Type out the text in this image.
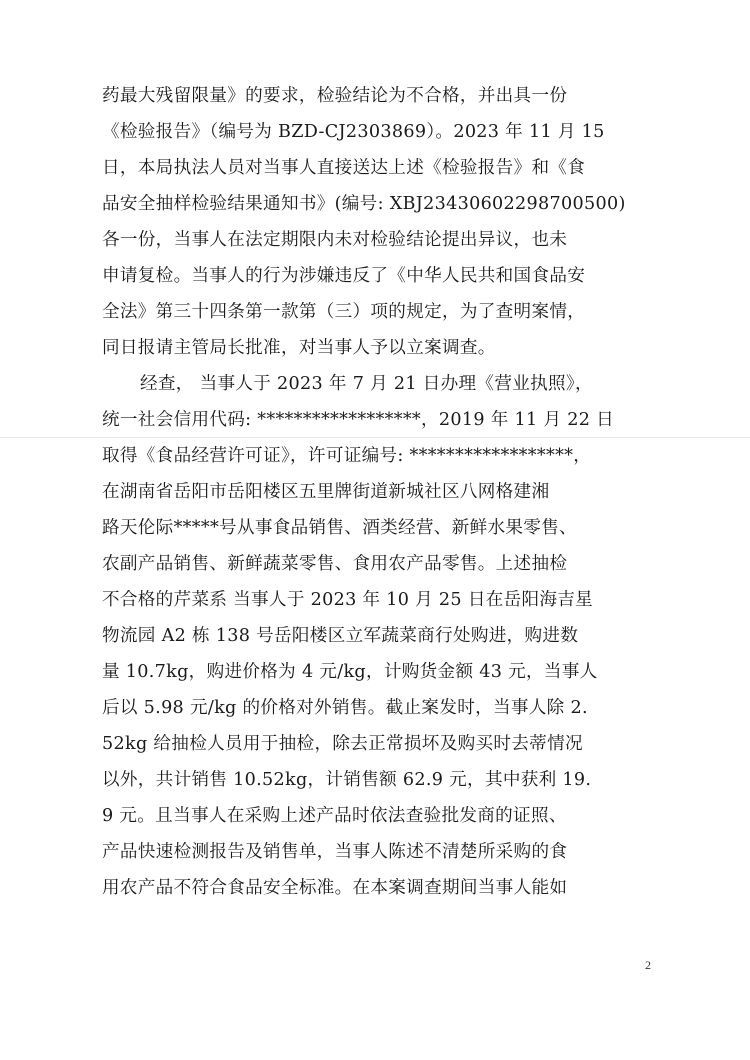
药最大残留限量》的要求，检验结论为不合格，并出具一份
《检验报告》（编号为 BZD-CJ2303869）。2023 年 11 月 15
日，本局执法人员对当事人直接送达上述《检验报告》和《食
品安全抽样检验结果通知书》(编号: XBJ23430602298700500)
各一份，当事人在法定期限内未对检验结论提出异议，也未
申请复检。当事人的行为涉嫌违反了《中华人民共和国食品安
全法》第三十四条第一款第（三）项的规定，为了查明案情，
同日报请主管局长批准，对当事人予以立案调查。
经查， 当事人于 2023 年 7 月 21 日办理《营业执照》，
统一社会信用代码: ******************，2019 年 11 月 22 日
取得《食品经营许可证》，许可证编号: ******************，
在湖南省岳阳市岳阳楼区五里牌街道新城社区八网格建湘
路天伦际*****号从事食品销售、酒类经营、新鲜水果零售、
农副产品销售、新鲜蔬菜零售、食用农产品零售。上述抽检
不合格的芹菜系 当事人于 2023 年 10 月 25 日在岳阳海吉星
物流园 A2 栋 138 号岳阳楼区立军蔬菜商行处购进，购进数
量 10.7kg，购进价格为 4 元/kg，计购货金额 43 元，当事人
后以 5.98 元/kg 的价格对外销售。截止案发时，当事人除 2.
52kg 给抽检人员用于抽检，除去正常损坏及购买时去蒂情况
以外，共计销售 10.52kg，计销售额 62.9 元，其中获利 19.
9 元。且当事人在采购上述产品时依法查验批发商的证照、
产品快速检测报告及销售单，当事人陈述不清楚所采购的食
用农产品不符合食品安全标准。在本案调查期间当事人能如
2
